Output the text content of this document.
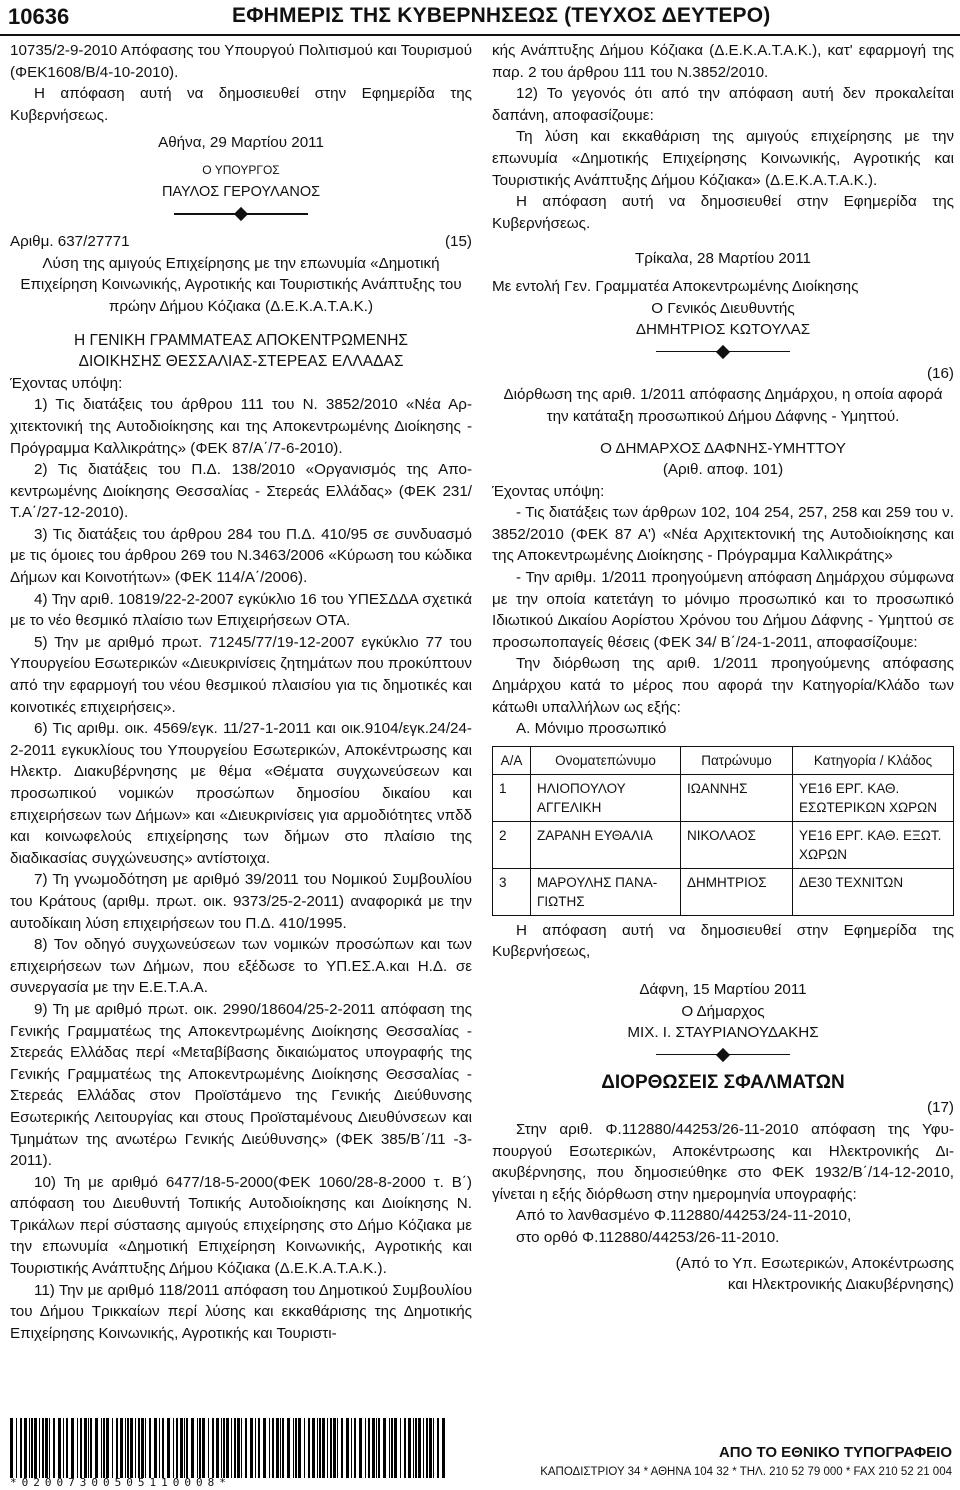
10636	ΕΦΗΜΕΡΙΣ ΤΗΣ ΚΥΒΕΡΝΗΣΕΩΣ (ΤΕΥΧΟΣ ΔΕΥΤΕΡΟ)

10735/2-9-2010 Απόφασης του Υπουργού Πολιτισμού και Τουρισμού (ΦΕΚ1608/Β/4-10-2010).

Η απόφαση αυτή να δημοσιευθεί στην Εφημερίδα της Κυβερνήσεως.

Αθήνα, 29 Μαρτίου 2011

Ο ΥΠΟΥΡΓΟΣ

ΠΑΥΛΟΣ ΓΕΡΟΥΛΑΝΟΣ

Αριθμ. 637/27771	(15)

Λύση της αμιγούς Επιχείρησης με την επωνυμία «Δημοτική Επιχείρηση Κοινωνικής, Αγροτικής και Τουριστικής Ανάπτυξης του πρώην Δήμου Κόζιακα (Δ.Ε.Κ.Α.Τ.Α.Κ.)

Η ΓΕΝΙΚΗ ΓΡΑΜΜΑΤΕΑΣ ΑΠΟΚΕΝΤΡΩΜΕΝΗΣ

ΔΙΟΙΚΗΣΗΣ ΘΕΣΣΑΛΙΑΣ-ΣΤΕΡΕΑΣ ΕΛΛΑΔΑΣ

Έχοντας υπόψη:

1) Τις διατάξεις του άρθρου 111 του Ν. 3852/2010 «Νέα Αρχιτεκτονική της Αυτοδιοίκησης και της Αποκεντρωμένης Διοίκησης - Πρόγραμμα Καλλικράτης» (ΦΕΚ 87/Α΄/7-6-2010).

2) Τις διατάξεις του Π.Δ. 138/2010 «Οργανισμός της Αποκεντρωμένης Διοίκησης Θεσσαλίας - Στερεάς Ελλάδας» (ΦΕΚ 231/Τ.Α΄/27-12-2010).

3) Τις διατάξεις του άρθρου 284 του Π.Δ. 410/95 σε συνδυασμό με τις όμοιες του άρθρου 269 του Ν.3463/2006 «Κύρωση του κώδικα Δήμων και Κοινοτήτων» (ΦΕΚ 114/Α΄/2006).

4) Την αριθ. 10819/22-2-2007 εγκύκλιο 16 του ΥΠΕΣΔΔΑ σχετικά με το νέο θεσμικό πλαίσιο των Επιχειρήσεων ΟΤΑ.

5) Την με αριθμό πρωτ. 71245/77/19-12-2007 εγκύκλιο 77 του Υπουργείου Εσωτερικών «Διευκρινίσεις ζητημάτων που προκύπτουν από την εφαρμογή του νέου θεσμικού πλαισίου για τις δημοτικές και κοινοτικές επιχειρήσεις».

6) Τις αριθμ. οικ. 4569/εγκ. 11/27-1-2011 και οικ.9104/εγκ.24/24-2-2011 εγκυκλίους του Υπουργείου Εσωτερικών, Αποκέντρωσης και Ηλεκτρ. Διακυβέρνησης με θέμα «Θέματα συγχωνεύσεων και προσωπικού νομικών προσώπων δημοσίου δικαίου και επιχειρήσεων των Δήμων» και «Διευκρινίσεις για αρμοδιότητες νπδδ και κοινωφελούς επιχείρησης των δήμων στο πλαίσιο της διαδικασίας συγχώνευσης» αντίστοιχα.

7) Τη γνωμοδότηση με αριθμό 39/2011 του Νομικού Συμβουλίου του Κράτους (αριθμ. πρωτ. οικ. 9373/25-2-2011) αναφορικά με την αυτοδίκαιη λύση επιχειρήσεων του Π.Δ. 410/1995.

8) Τον οδηγό συγχωνεύσεων των νομικών προσώπων και των επιχειρήσεων των Δήμων, που εξέδωσε το ΥΠ.ΕΣ.Α.και Η.Δ. σε συνεργασία με την Ε.Ε.Τ.Α.Α.

9) Τη με αριθμό πρωτ. οικ. 2990/18604/25-2-2011 απόφαση της Γενικής Γραμματέως της Αποκεντρωμένης Διοίκησης Θεσσαλίας - Στερεάς Ελλάδας περί «Μεταβίβασης δικαιώματος υπογραφής της Γενικής Γραμματέως της Αποκεντρωμένης Διοίκησης Θεσσαλίας - Στερεάς Ελλάδας στον Προϊστάμενο της Γενικής Διεύθυνσης Εσωτερικής Λειτουργίας και στους Προϊσταμένους Διευθύνσεων και Τμημάτων της ανωτέρω Γενικής Διεύθυνσης» (ΦΕΚ 385/Β΄/11 -3-2011).

10) Τη με αριθμό 6477/18-5-2000(ΦΕΚ 1060/28-8-2000 τ. Β΄) απόφαση του Διευθυντή Τοπικής Αυτοδιοίκησης και Διοίκησης Ν. Τρικάλων περί σύστασης αμιγούς επιχείρησης στο Δήμο Κόζιακα με την επωνυμία «Δημοτική Επιχείρηση Κοινωνικής, Αγροτικής και Τουριστικής Ανάπτυξης Δήμου Κόζιακα (Δ.Ε.Κ.Α.Τ.Α.Κ.).

11) Την με αριθμό 118/2011 απόφαση του Δημοτικού Συμβουλίου του Δήμου Τρικκαίων περί λύσης και εκκαθάρισης της Δημοτικής Επιχείρησης Κοινωνικής, Αγροτικής και Τουριστι-

κής Ανάπτυξης Δήμου Κόζιακα (Δ.Ε.Κ.Α.Τ.Α.Κ.), κατ' εφαρμογή της παρ. 2 του άρθρου 111 του Ν.3852/2010.

12) Το γεγονός ότι από την απόφαση αυτή δεν προκαλείται δαπάνη, αποφασίζουμε:

Τη λύση και εκκαθάριση της αμιγούς επιχείρησης με την επωνυμία «Δημοτικής Επιχείρησης Κοινωνικής, Αγροτικής και Τουριστικής Ανάπτυξης Δήμου Κόζιακα» (Δ.Ε.Κ.Α.Τ.Α.Κ.).

Η απόφαση αυτή να δημοσιευθεί στην Εφημερίδα της Κυβερνήσεως.

Τρίκαλα, 28 Μαρτίου 2011

Με εντολή Γεν. Γραμματέα Αποκεντρωμένης Διοίκησης

Ο Γενικός Διευθυντής

ΔΗΜΗΤΡΙΟΣ ΚΩΤΟΥΛΑΣ

(16)

Διόρθωση της αριθ. 1/2011 απόφασης Δημάρχου, η οποία αφορά την κατάταξη προσωπικού Δήμου Δάφνης - Υμηττού.

Ο ΔΗΜΑΡΧΟΣ ΔΑΦΝΗΣ-ΥΜΗΤΤΟΥ

(Αριθ. αποφ. 101)

Έχοντας υπόψη:

- Τις διατάξεις των άρθρων 102, 104 254, 257, 258 και 259 του ν. 3852/2010 (ΦΕΚ 87 Α') «Νέα Αρχιτεκτονική της Αυτοδιοίκησης και της Αποκεντρωμένης Διοίκησης - Πρόγραμμα Καλλικράτης»

- Την αριθμ. 1/2011 προηγούμενη απόφαση Δημάρχου σύμφωνα με την οποία κατετάγη το μόνιμο προσωπικό και το προσωπικό Ιδιωτικού Δικαίου Αορίστου Χρόνου του Δήμου Δάφνης - Υμηττού σε προσωποπαγείς θέσεις (ΦΕΚ 34/ Β΄/24-1-2011, αποφασίζουμε:

Την διόρθωση της αριθ. 1/2011 προηγούμενης απόφασης Δημάρχου κατά το μέρος που αφορά την Κατηγορία/Κλάδο των κάτωθι υπαλλήλων ως εξής:

Α. Μόνιμο προσωπικό

Α/Α	Ονοματεπώνυμο	Πατρώνυμο	Κατηγορία / Κλάδος
1	ΗΛΙΟΠΟΥΛΟΥ ΑΓΓΕΛΙΚΗ	ΙΩΑΝΝΗΣ	ΥΕ16 ΕΡΓ. ΚΑΘ. ΕΣΩΤΕΡΙΚΩΝ ΧΩΡΩΝ
2	ΖΑΡΑΝΗ ΕΥΘΑΛΙΑ	ΝΙΚΟΛΑΟΣ	ΥΕ16 ΕΡΓ. ΚΑΘ. ΕΞΩΤ. ΧΩΡΩΝ
3	ΜΑΡΟΥΛΗΣ ΠΑΝΑΓΙΩΤΗΣ	ΔΗΜΗΤΡΙΟΣ	ΔΕ30 ΤΕΧΝΙΤΩΝ

Η απόφαση αυτή να δημοσιευθεί στην Εφημερίδα της Κυβερνήσεως,

Δάφνη, 15 Μαρτίου 2011

Ο Δήμαρχος

ΜΙΧ. Ι. ΣΤΑΥΡΙΑΝΟΥΔΑΚΗΣ

ΔΙΟΡΘΩΣΕΙΣ ΣΦΑΛΜΑΤΩΝ

(17)

Στην αριθ. Φ.112880/44253/26-11-2010 απόφαση της Υφυπουργού Εσωτερικών, Αποκέντρωσης και Ηλεκτρονικής Διακυβέρνησης, που δημοσιεύθηκε στο ΦΕΚ 1932/Β΄/14-12-2010, γίνεται η εξής διόρθωση στην ημερομηνία υπογραφής:

Από το λανθασμένο Φ.112880/44253/24-11-2010,

στο ορθό Φ.112880/44253/26-11-2010.

(Από το Υπ. Εσωτερικών, Αποκέντρωσης

και Ηλεκτρονικής Διακυβέρνησης)

*02007300505110008*
ΑΠΟ ΤΟ ΕΘΝΙΚΟ ΤΥΠΟΓΡΑΦΕΙΟ
ΚΑΠΟΔΙΣΤΡΙΟΥ 34 * ΑΘΗΝΑ 104 32 * ΤΗΛ. 210 52 79 000 * FAX 210 52 21 004
